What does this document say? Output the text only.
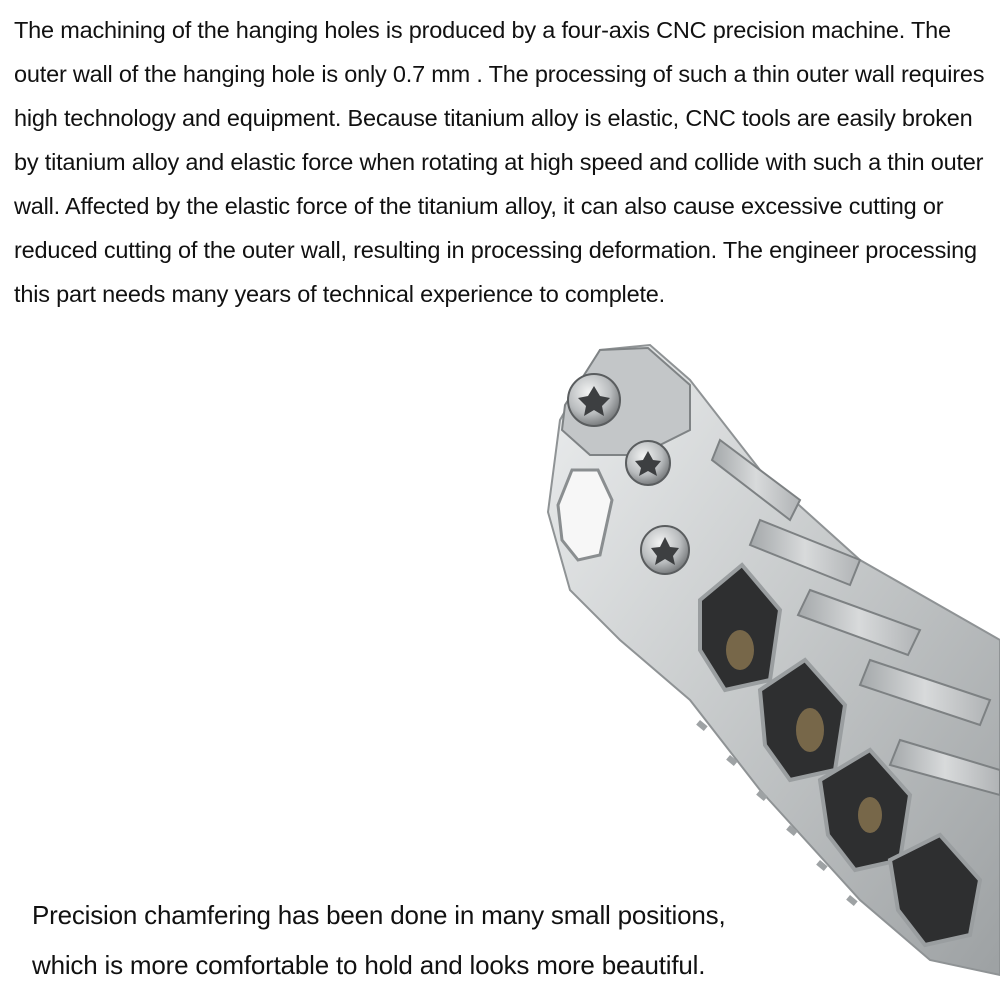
The machining of the hanging holes is produced by a four-axis CNC precision machine. The outer wall of the hanging hole is only 0.7 mm . The processing of such a thin outer wall requires high technology and equipment. Because titanium alloy is elastic, CNC tools are easily broken by titanium alloy and elastic force when rotating at high speed and collide with such a thin outer wall. Affected by the elastic force of the titanium alloy, it can also cause excessive cutting or reduced cutting of the outer wall, resulting in processing deformation. The engineer processing this part needs many years of technical experience to complete.

Precision chamfering has been done in many small positions,
which is more comfortable to hold and looks more beautiful.
